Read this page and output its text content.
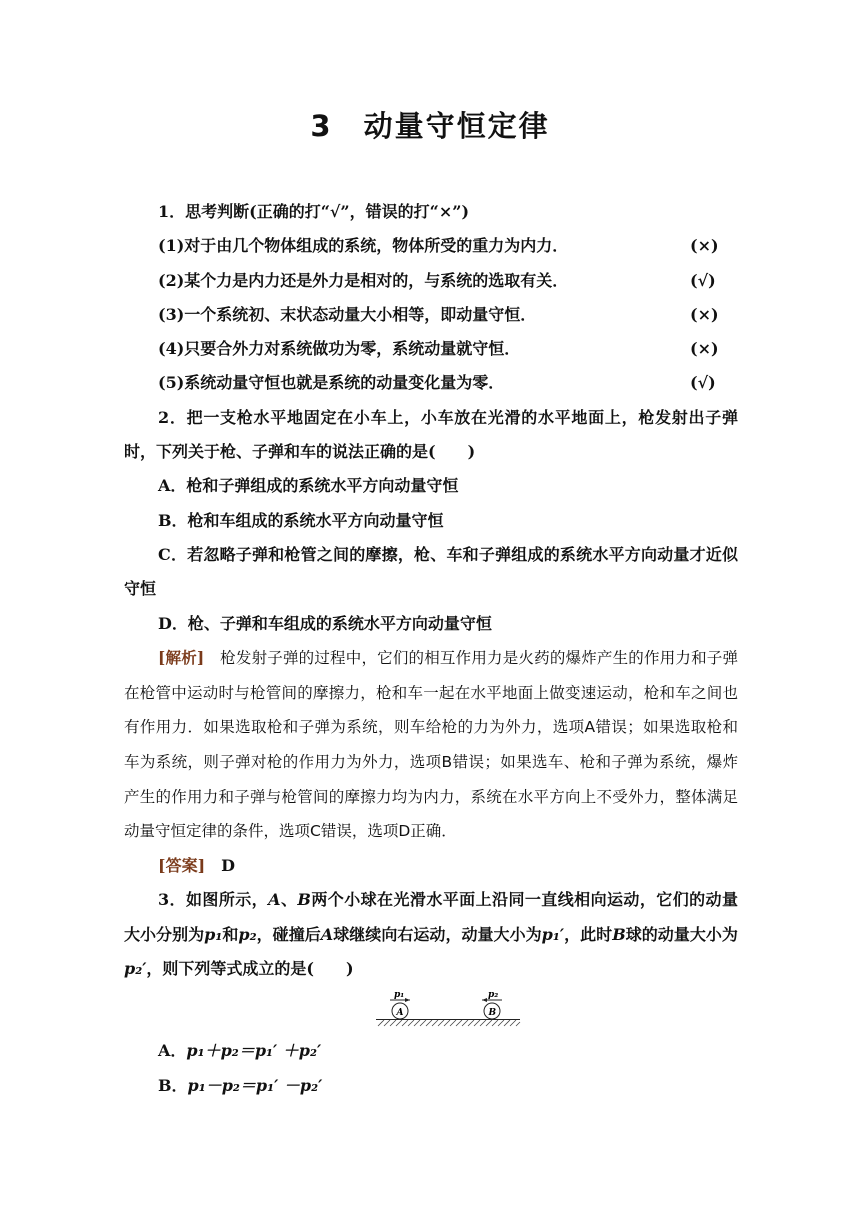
3　动量守恒定律

1．思考判断(正确的打“√”，错误的打“×”)

(1)对于由几个物体组成的系统，物体所受的重力为内力．	(×)
(2)某个力是内力还是外力是相对的，与系统的选取有关．	(√)
(3)一个系统初、末状态动量大小相等，即动量守恒．	(×)
(4)只要合外力对系统做功为零，系统动量就守恒．	(×)
(5)系统动量守恒也就是系统的动量变化量为零．	(√)

2．把一支枪水平地固定在小车上，小车放在光滑的水平地面上，枪发射出子弹时，下列关于枪、子弹和车的说法正确的是(　　)

A．枪和子弹组成的系统水平方向动量守恒

B．枪和车组成的系统水平方向动量守恒

C．若忽略子弹和枪管之间的摩擦，枪、车和子弹组成的系统水平方向动量才近似守恒

D．枪、子弹和车组成的系统水平方向动量守恒

[解析]　 枪发射子弹的过程中，它们的相互作用力是火药的爆炸产生的作用力和子弹在枪管中运动时与枪管间的摩擦力，枪和车一起在水平地面上做变速运动，枪和车之间也有作用力．如果选取枪和子弹为系统，则车给枪的力为外力，选项A错误；如果选取枪和车为系统，则子弹对枪的作用力为外力，选项B错误；如果选车、枪和子弹为系统，爆炸产生的作用力和子弹与枪管间的摩擦力均为内力，系统在水平方向上不受外力，整体满足动量守恒定律的条件，选项C错误，选项D正确．

[答案]　 D

3．如图所示，A、B两个小球在光滑水平面上沿同一直线相向运动，它们的动量大小分别为p₁和p₂，碰撞后A球继续向右运动，动量大小为p₁′，此时B球的动量大小为p₂′，则下列等式成立的是(　　)

p₁
A
p₂
B

A．p₁＋p₂＝p₁′ ＋p₂′

B．p₁－p₂＝p₁′ －p₂′
